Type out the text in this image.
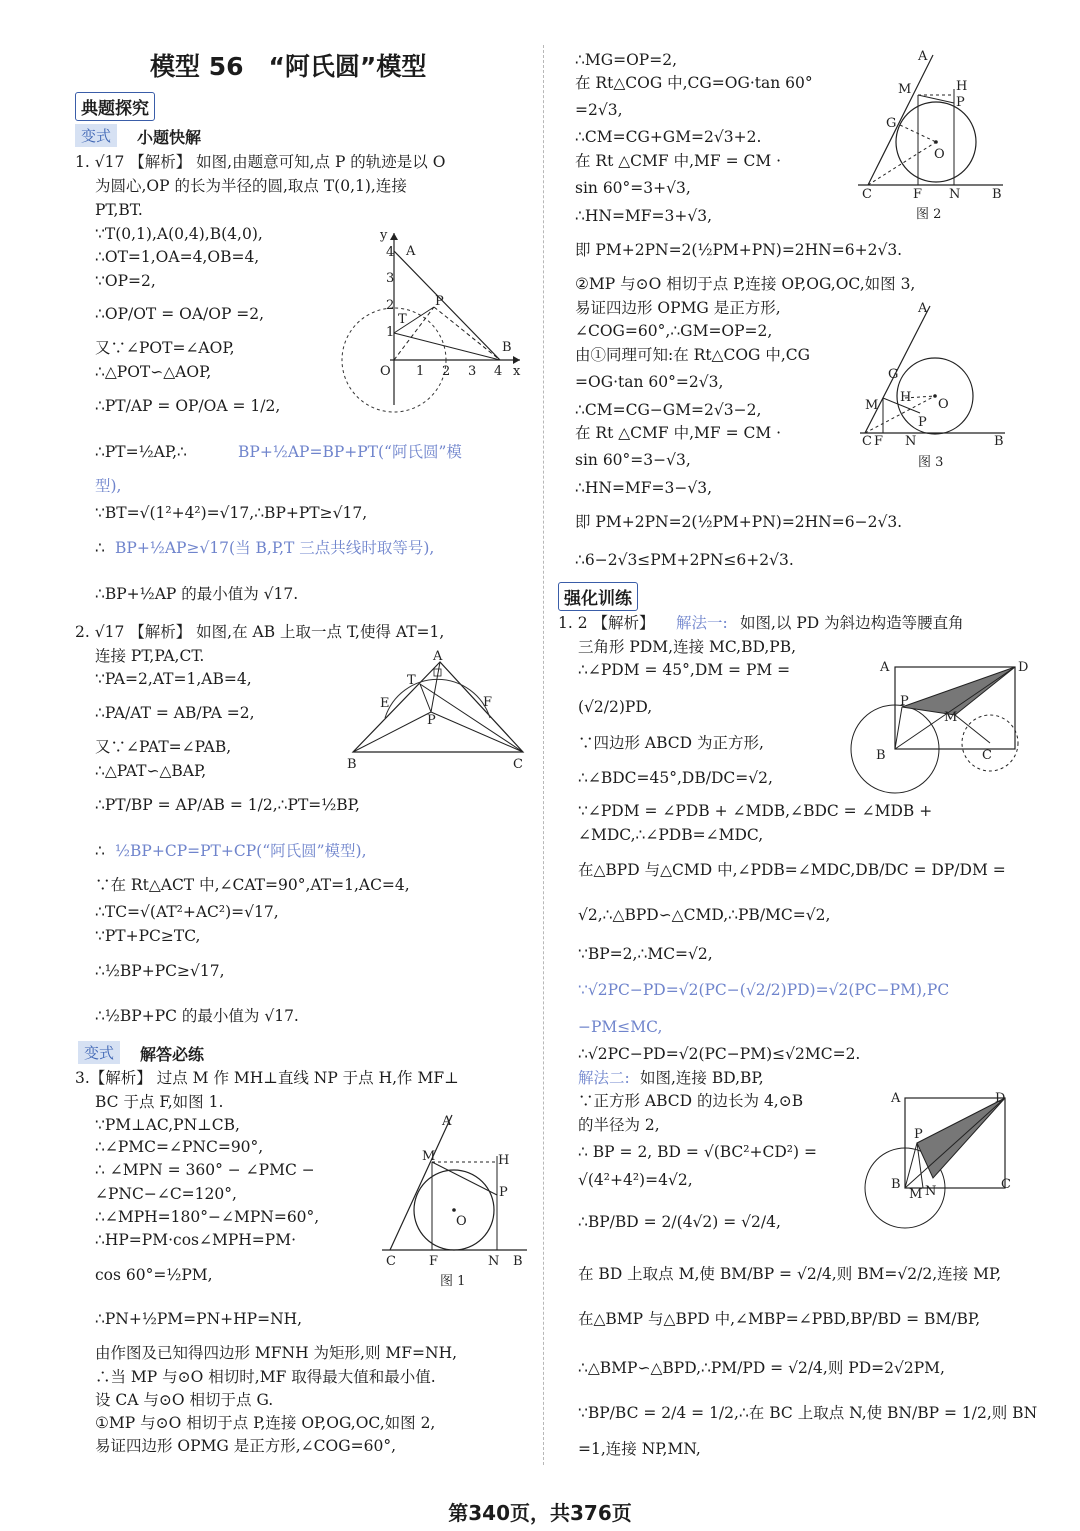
模型 56　“阿氏圆”模型
典题探究
变式	小题快解
变式	解答必练
强化训练
1. √17 【解析】 如图,由题意可知,点 P 的轨迹是以 O
为圆心,OP 的长为半径的圆,取点 T(0,1),连接
PT,BT.
∵T(0,1),A(0,4),B(4,0),
∴OT=1,OA=4,OB=4,
∵OP=2,
∴OP/OT = OA/OP =2,
又∵∠POT=∠AOP,
∴△POT∽△AOP,
∴PT/AP = OP/OA = 1/2,
∴PT=½AP,∴	BP+½AP=BP+PT(“阿氏圆”模
型),
∵BT=√(1²+4²)=√17,∴BP+PT≥√17,
∴ BP+½AP≥√17(当 B,P,T 三点共线时取等号),
∴BP+½AP 的最小值为 √17.
2. √17 【解析】 如图,在 AB 上取一点 T,使得 AT=1,
连接 PT,PA,CT.
∵PA=2,AT=1,AB=4,
∴PA/AT = AB/PA =2,
又∵∠PAT=∠PAB,
∴△PAT∽△BAP,
∴PT/BP = AP/AB = 1/2,∴PT=½BP,
∴ ½BP+CP=PT+CP(“阿氏圆”模型),
∵在 Rt△ACT 中,∠CAT=90°,AT=1,AC=4,
∴TC=√(AT²+AC²)=√17,
∵PT+PC≥TC,
∴½BP+PC≥√17,
∴½BP+PC 的最小值为 √17.
3.【解析】 过点 M 作 MH⊥直线 NP 于点 H,作 MF⊥
BC 于点 F,如图 1.
∵PM⊥AC,PN⊥CB,
∴∠PMC=∠PNC=90°,
∴ ∠MPN = 360° − ∠PMC −
∠PNC−∠C=120°,
∴∠MPH=180°−∠MPN=60°,
∴HP=PM·cos∠MPH=PM·
cos 60°=½PM,
∴PN+½PM=PN+HP=NH,
由作图及已知得四边形 MFNH 为矩形,则 MF=NH,
∴当 MP 与⊙O 相切时,MF 取得最大值和最小值.
设 CA 与⊙O 相切于点 G.
①MP 与⊙O 相切于点 P,连接 OP,OG,OC,如图 2,
易证四边形 OPMG 是正方形,∠COG=60°,
∴MG=OP=2,
在 Rt△COG 中,CG=OG·tan 60°
=2√3,
∴CM=CG+GM=2√3+2.
在 Rt △CMF 中,MF = CM ·
sin 60°=3+√3,
∴HN=MF=3+√3,
即 PM+2PN=2(½PM+PN)=2HN=6+2√3.
②MP 与⊙O 相切于点 P,连接 OP,OG,OC,如图 3,
易证四边形 OPMG 是正方形,
∠COG=60°,∴GM=OP=2,
由①同理可知:在 Rt△COG 中,CG
=OG·tan 60°=2√3,
∴CM=CG−GM=2√3−2,
在 Rt △CMF 中,MF = CM ·
sin 60°=3−√3,
∴HN=MF=3−√3,
即 PM+2PN=2(½PM+PN)=2HN=6−2√3.
∴6−2√3≤PM+2PN≤6+2√3.
1. 2 【解析】 解法一: 如图,以 PD 为斜边构造等腰直角
三角形 PDM,连接 MC,BD,PB,
∴∠PDM = 45°,DM = PM =
(√2/2)PD,
∵四边形 ABCD 为正方形,
∴∠BDC=45°,DB/DC=√2,
∵∠PDM = ∠PDB + ∠MDB,∠BDC = ∠MDB +
∠MDC,∴∠PDB=∠MDC,
在△BPD 与△CMD 中,∠PDB=∠MDC,DB/DC = DP/DM =
√2,∴△BPD∽△CMD,∴PB/MC=√2,
∵BP=2,∴MC=√2,
∵√2PC−PD=√2(PC−(√2/2)PD)=√2(PC−PM),PC
−PM≤MC,
∴√2PC−PD=√2(PC−PM)≤√2MC=2.
解法二: 如图,连接 BD,BP,
∵正方形 ABCD 的边长为 4,⊙B
的半径为 2,
∴ BP = 2, BD = √(BC²+CD²) =
√(4²+4²)=4√2,
∴BP/BD = 2/(4√2) = √2/4,
在 BD 上取点 M,使 BM/BP = √2/4,则 BM=√2/2,连接 MP,
在△BMP 与△BPD 中,∠MBP=∠PBD,BP/BD = BM/BP,
∴△BMP∽△BPD,∴PM/PD = √2/4,则 PD=2√2PM,
∵BP/BC = 2/4 = 1/2,∴在 BC 上取点 N,使 BN/BP = 1/2,则 BN
=1,连接 NP,MN,
y
4 A
3
2
1
T
P
O 1 2 3 4 x
B
A
T
E	F
P
B	C
A
M	H
P
O
C	F	N B
图 1
A
M	H
P
G
O
C	F N B
图 2
A
G
H
M
P
O
C F N	B
图 3
A	D
P
M
B	C
A	D
P
B
M N	C
第340页，共376页
